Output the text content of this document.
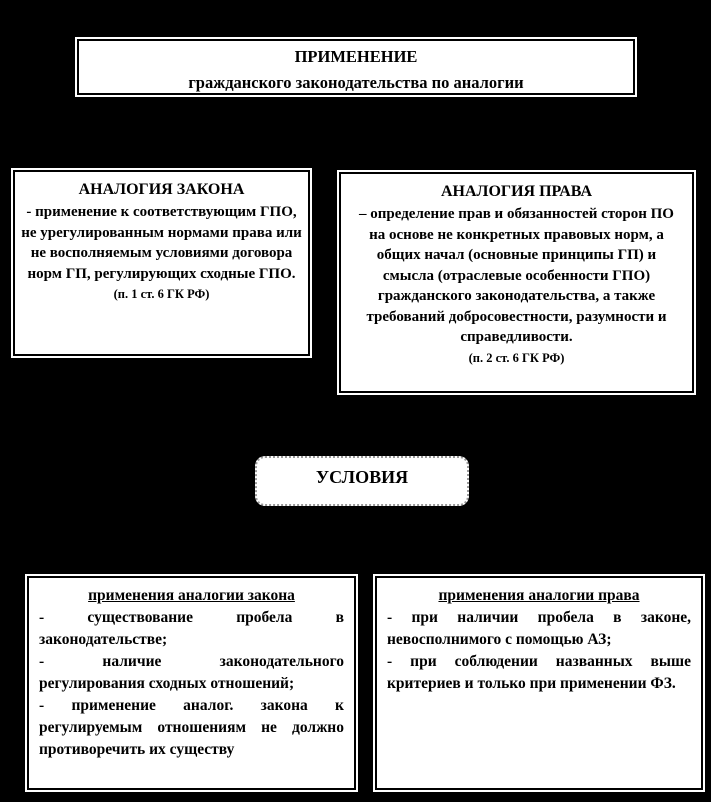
ПРИМЕНЕНИЕ
гражданского законодательства по аналогии
АНАЛОГИЯ ЗАКОНА
- применение к соответствующим ГПО, не урегулированным нормами права или не восполняемым условиями договора норм ГП, регулирующих сходные ГПО.
(п. 1 ст. 6 ГК РФ)
АНАЛОГИЯ ПРАВА
– определение прав и обязанностей сторон ПО на основе не конкретных правовых норм, а общих начал (основные принципы ГП) и смысла (отраслевые особенности ГПО) гражданского законодательства, а также требований добросовестности, разумности и справедливости.
(п. 2 ст. 6 ГК РФ)
УСЛОВИЯ
применения аналогии закона

- существование пробела в законодательстве;

- наличие законодательного регулирования сходных отношений;

- применение аналог. закона к регулируемым отношениям не должно противоречить их существу

применения аналогии права

- при наличии пробела в законе, невосполнимого с помощью АЗ;

- при соблюдении названных выше критериев и только при применении ФЗ.
